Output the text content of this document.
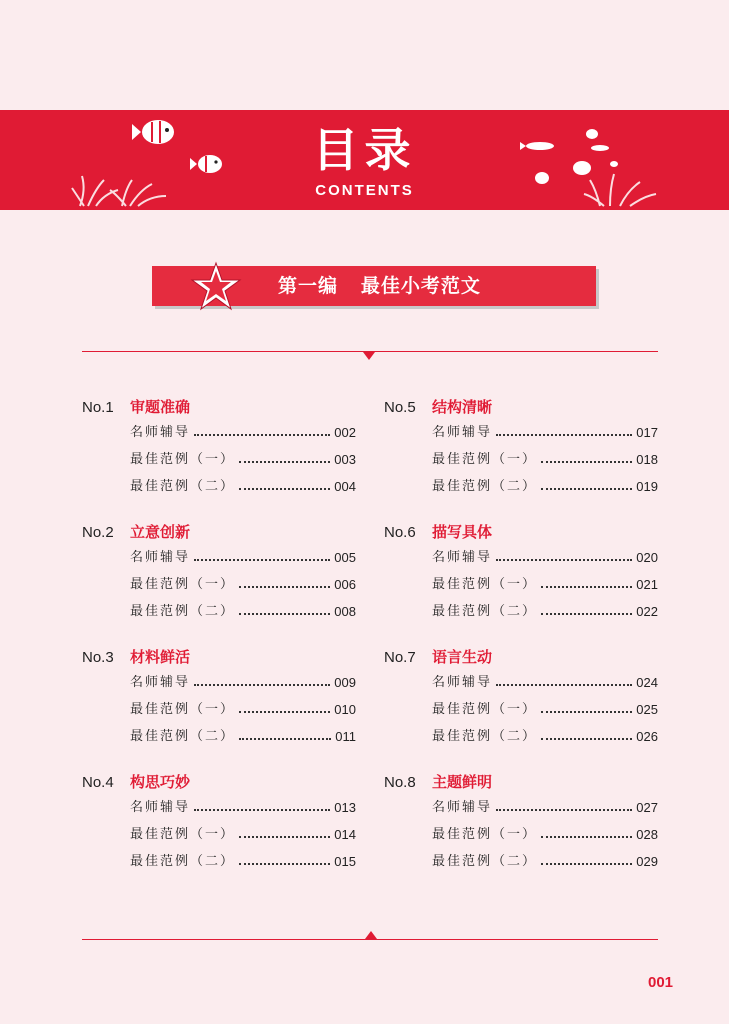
目录
CONTENTS
第一编   最佳小考范文
No.1 审题准确
名师辅导	002
最佳范例（一）	003
最佳范例（二）	004
No.2 立意创新
名师辅导	005
最佳范例（一）	006
最佳范例（二）	008
No.3 材料鲜活
名师辅导	009
最佳范例（一）	010
最佳范例（二）	011
No.4 构思巧妙
名师辅导	013
最佳范例（一）	014
最佳范例（二）	015
No.5 结构清晰
名师辅导	017
最佳范例（一）	018
最佳范例（二）	019
No.6 描写具体
名师辅导	020
最佳范例（一）	021
最佳范例（二）	022
No.7 语言生动
名师辅导	024
最佳范例（一）	025
最佳范例（二）	026
No.8 主题鲜明
名师辅导	027
最佳范例（一）	028
最佳范例（二）	029
001
